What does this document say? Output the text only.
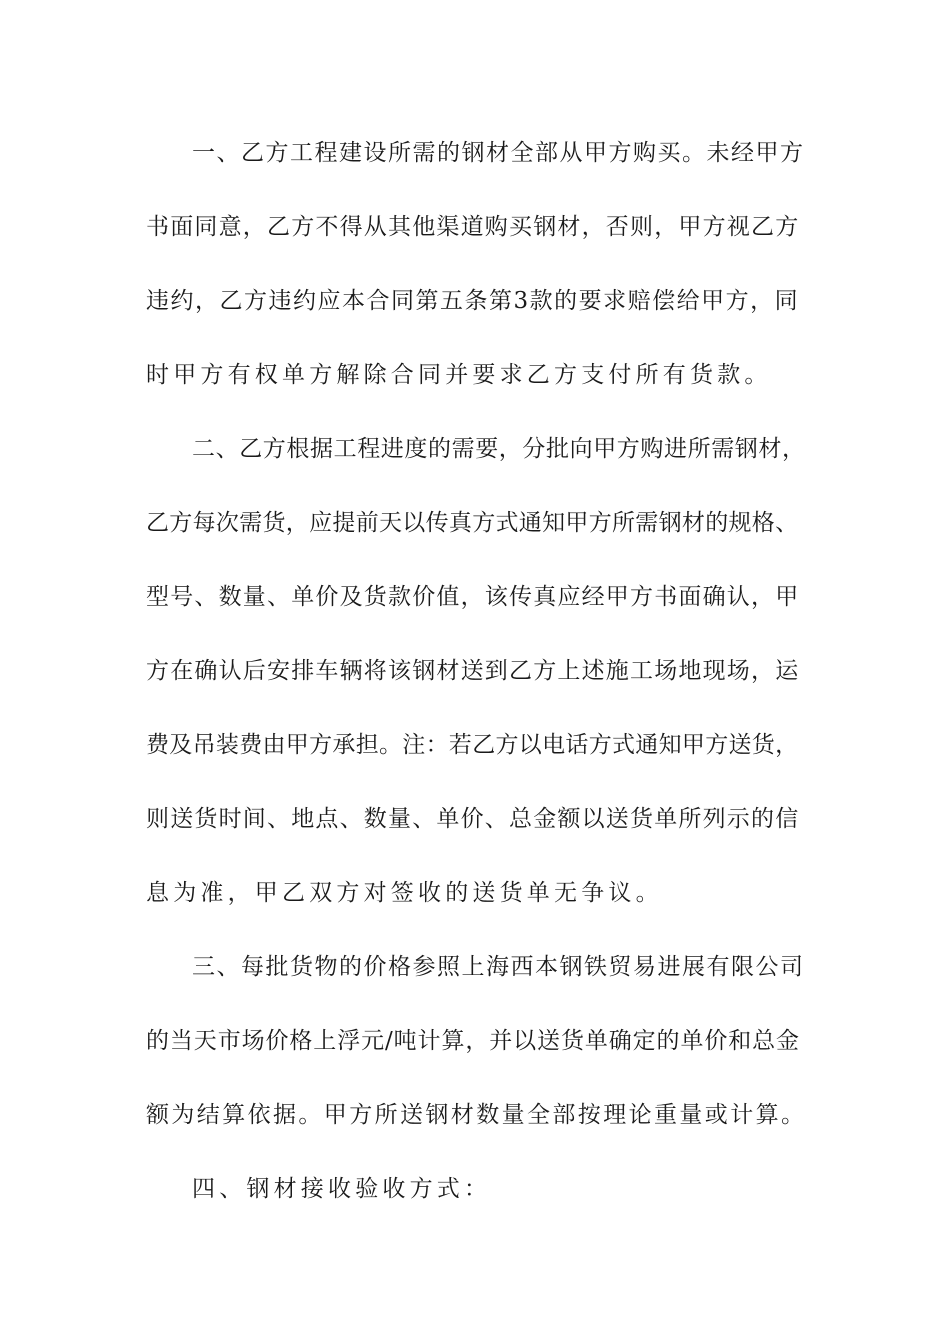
一、乙方工程建设所需的钢材全部从甲方购买。未经甲方
书面同意，乙方不得从其他渠道购买钢材，否则，甲方视乙方
违约，乙方违约应本合同第五条第3款的要求赔偿给甲方，同
时甲方有权单方解除合同并要求乙方支付所有货款。
二、乙方根据工程进度的需要，分批向甲方购进所需钢材，
乙方每次需货，应提前天以传真方式通知甲方所需钢材的规格、
型号、数量、单价及货款价值，该传真应经甲方书面确认，甲
方在确认后安排车辆将该钢材送到乙方上述施工场地现场，运
费及吊装费由甲方承担。注：若乙方以电话方式通知甲方送货，
则送货时间、地点、数量、单价、总金额以送货单所列示的信
息为准，甲乙双方对签收的送货单无争议。
三、每批货物的价格参照上海西本钢铁贸易进展有限公司
的当天市场价格上浮元/吨计算，并以送货单确定的单价和总金
额为结算依据。甲方所送钢材数量全部按理论重量或计算。
四、钢材接收验收方式：
